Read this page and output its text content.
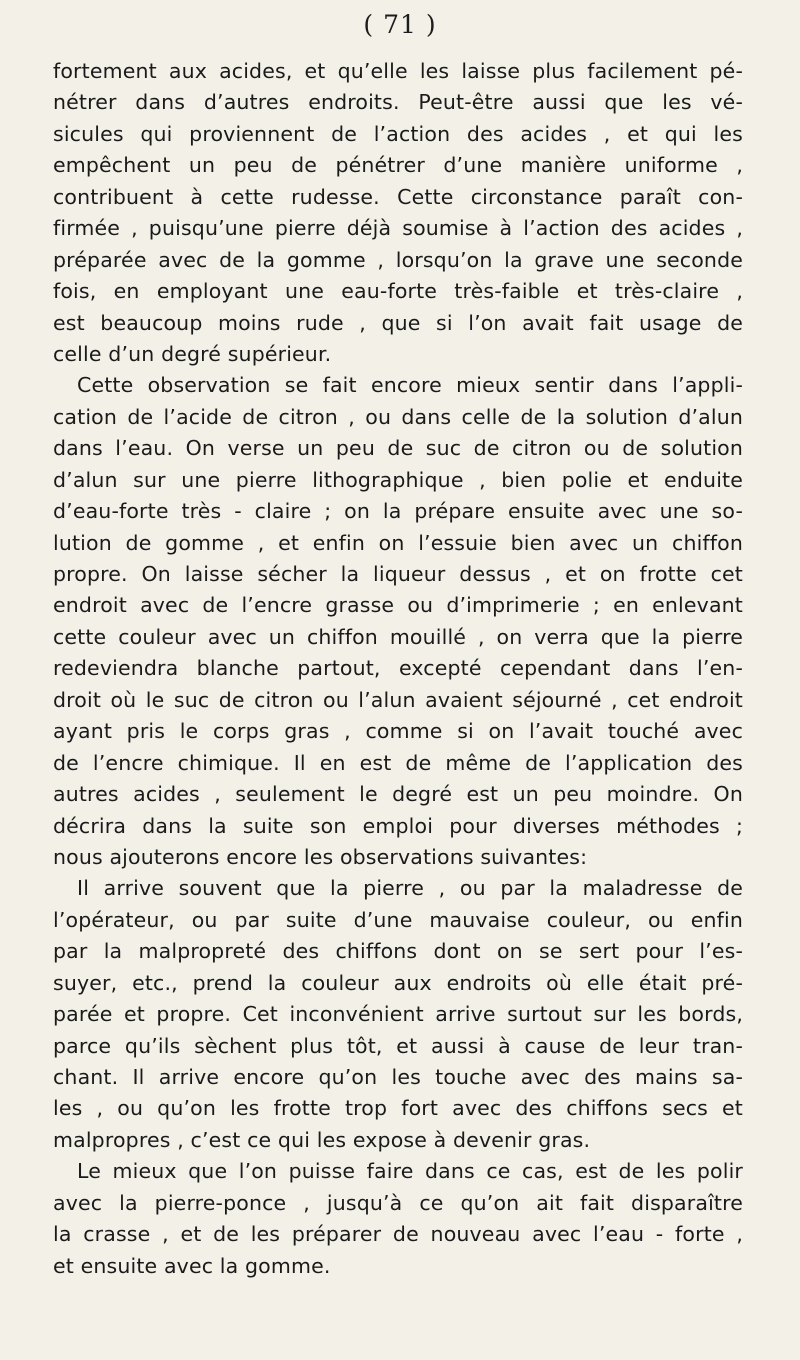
( 71 )
fortement aux acides, et qu’elle les laisse plus facilement pé-
nétrer dans d’autres endroits. Peut-être aussi que les vé-
sicules qui proviennent de l’action des acides , et qui les
empêchent un peu de pénétrer d’une manière uniforme ,
contribuent à cette rudesse. Cette circonstance paraît con-
firmée , puisqu’une pierre déjà soumise à l’action des acides ,
préparée avec de la gomme , lorsqu’on la grave une seconde
fois, en employant une eau-forte très-faible et très-claire ,
est beaucoup moins rude , que si l’on avait fait usage de
celle d’un degré supérieur.
Cette observation se fait encore mieux sentir dans l’appli-
cation de l’acide de citron , ou dans celle de la solution d’alun
dans l’eau. On verse un peu de suc de citron ou de solution
d’alun sur une pierre lithographique , bien polie et enduite
d’eau-forte très - claire ; on la prépare ensuite avec une so-
lution de gomme , et enfin on l’essuie bien avec un chiffon
propre. On laisse sécher la liqueur dessus , et on frotte cet
endroit avec de l’encre grasse ou d’imprimerie ; en enlevant
cette couleur avec un chiffon mouillé , on verra que la pierre
redeviendra blanche partout, excepté cependant dans l’en-
droit où le suc de citron ou l’alun avaient séjourné , cet endroit
ayant pris le corps gras , comme si on l’avait touché avec
de l’encre chimique. Il en est de même de l’application des
autres acides , seulement le degré est un peu moindre. On
décrira dans la suite son emploi pour diverses méthodes ;
nous ajouterons encore les observations suivantes:
Il arrive souvent que la pierre , ou par la maladresse de
l’opérateur, ou par suite d’une mauvaise couleur, ou enfin
par la malpropreté des chiffons dont on se sert pour l’es-
suyer, etc., prend la couleur aux endroits où elle était pré-
parée et propre. Cet inconvénient arrive surtout sur les bords,
parce qu’ils sèchent plus tôt, et aussi à cause de leur tran-
chant. Il arrive encore qu’on les touche avec des mains sa-
les , ou qu’on les frotte trop fort avec des chiffons secs et
malpropres , c’est ce qui les expose à devenir gras.
Le mieux que l’on puisse faire dans ce cas, est de les polir
avec la pierre-ponce , jusqu’à ce qu’on ait fait disparaître
la crasse , et de les préparer de nouveau avec l’eau - forte ,
et ensuite avec la gomme.
